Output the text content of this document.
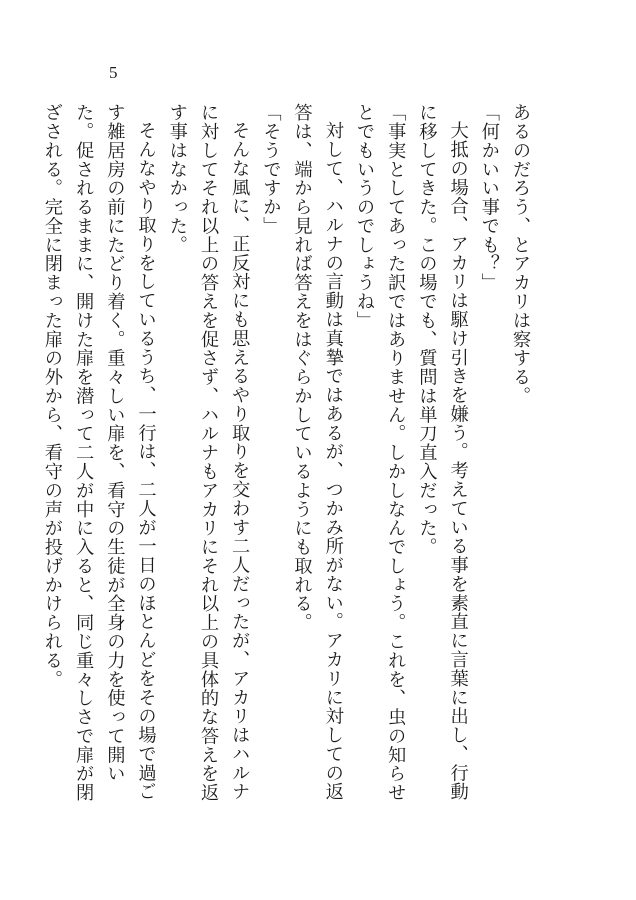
5

あるのだろう、とアカリは察する。

「何かいい事でも？」

大抵の場合、アカリは駆け引きを嫌う。考えている事を素直に言葉に出し、行動に移してきた。この場でも、質問は単刀直入だった。

「事実としてあった訳ではありません。しかしなんでしょう。これを、虫の知らせとでもいうのでしょうね」

対して、ハルナの言動は真摯ではあるが、つかみ所がない。アカリに対しての返答は、端から見れば答えをはぐらかしているようにも取れる。

「そうですか」

そんな風に、正反対にも思えるやり取りを交わす二人だったが、アカリはハルナに対してそれ以上の答えを促さず、ハルナもアカリにそれ以上の具体的な答えを返す事はなかった。

そんなやり取りをしているうち、一行は、二人が一日のほとんどをその場で過ごす雑居房の前にたどり着く。重々しい扉を、看守の生徒が全身の力を使って開いた。促されるままに、開けた扉を潜って二人が中に入ると、同じ重々しさで扉が閉ざされる。完全に閉まった扉の外から、看守の声が投げかけられる。
